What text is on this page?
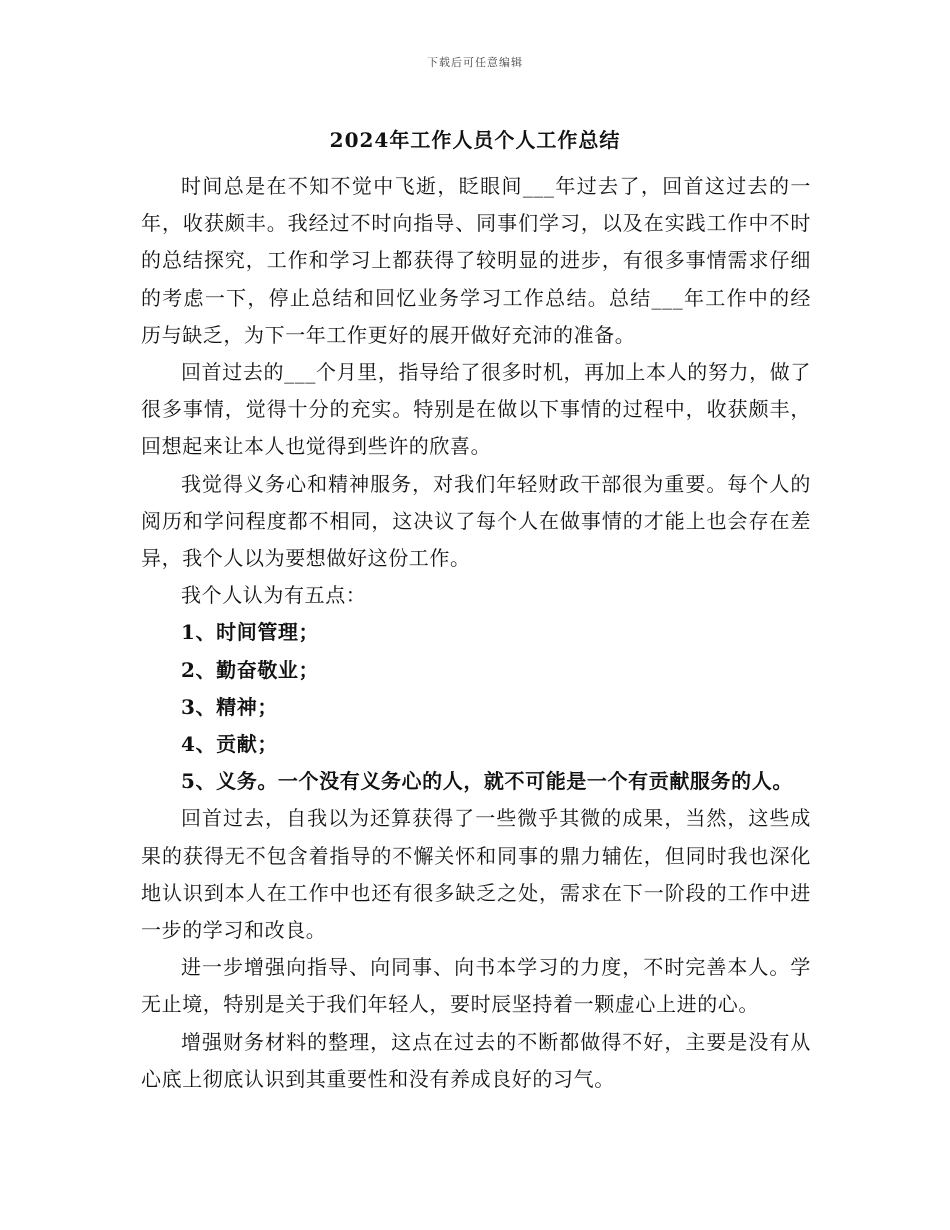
下载后可任意编辑
2024年工作人员个人工作总结

时间总是在不知不觉中飞逝，眨眼间___年过去了，回首这过去的一年，收获颇丰。我经过不时向指导、同事们学习，以及在实践工作中不时的总结探究，工作和学习上都获得了较明显的进步，有很多事情需求仔细的考虑一下，停止总结和回忆业务学习工作总结。总结___年工作中的经历与缺乏，为下一年工作更好的展开做好充沛的准备。

回首过去的___个月里，指导给了很多时机，再加上本人的努力，做了很多事情，觉得十分的充实。特别是在做以下事情的过程中，收获颇丰，回想起来让本人也觉得到些许的欣喜。

我觉得义务心和精神服务，对我们年轻财政干部很为重要。每个人的阅历和学问程度都不相同，这决议了每个人在做事情的才能上也会存在差异，我个人以为要想做好这份工作。

我个人认为有五点：

1、时间管理；

2、勤奋敬业；

3、精神；

4、贡献；

5、义务。一个没有义务心的人，就不可能是一个有贡献服务的人。

回首过去，自我以为还算获得了一些微乎其微的成果，当然，这些成果的获得无不包含着指导的不懈关怀和同事的鼎力辅佐，但同时我也深化地认识到本人在工作中也还有很多缺乏之处，需求在下一阶段的工作中进一步的学习和改良。

进一步增强向指导、向同事、向书本学习的力度，不时完善本人。学无止境，特别是关于我们年轻人，要时辰坚持着一颗虚心上进的心。

增强财务材料的整理，这点在过去的不断都做得不好，主要是没有从心底上彻底认识到其重要性和没有养成良好的习气。
